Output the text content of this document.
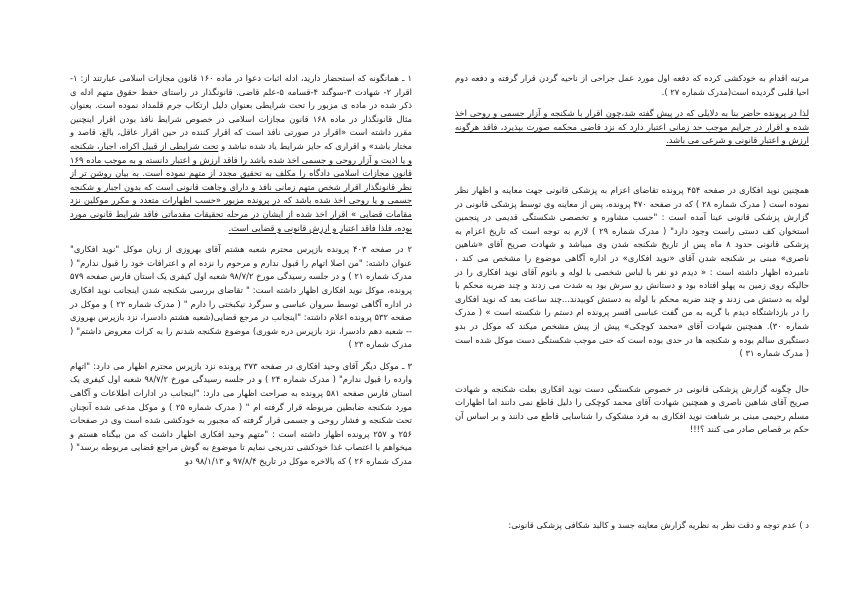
مرتبه اقدام به خودکشی کرده که دفعه اول مورد عمل جراحی از ناحیه گردن قرار گرفته و دفعه دوم احیا قلبی گردیده است(مدرک شماره ۲۷ ).

لذا در پرونده حاضر بنا به دلایلی که در پیش گفته شد،چون اقرار با شکنجه و آزار جسمی و روحی اخذ شده و اقرار در جرایم موجب حد زمانی اعتبار دارد که نزد قاضی محکمه صورت بپذیرد، فاقد هرگونه ارزش و اعتبار قانونی و شرعی می باشد.

همچنین نوید افکاری در صفحه ۴۵۴ پرونده تقاضای اعزام به پزشکی قانونی جهت معاینه و اظهار نظر نموده است ( مدرک شماره ۲۸ ) که در صفحه ۴۷۰ پرونده، پس از معاینه وی توسط پزشکی قانونی در گزارش پزشکی قانونی عینا آمده است : "حسب مشاوره و تخصصی شکستگی قدیمی در پنجمین استخوان کف دستی راست وجود دارد" ( مدرک شماره ۲۹ ) لازم به توجه است که تاریخ اعزام به پزشکی قانونی حدود ۸ ماه پس از تاریخ شکنجه شدن وی میباشد و شهادت صریح آقای «شاهین ناصری» مبنی بر شکنجه شدن آقای «نوید افکاری» در اداره آگاهی موضوع را مشخص می کند ، نامبرده اظهار داشته است : « دیدم دو نفر با لباس شخصی با لوله و باتوم آقای نوید افکاری را در حالیکه روی زمین به پهلو افتاده بود و دستانش رو سرش بود به شدت می زدند و چند ضربه محکم با لوله به دستش می زدند و چند ضربه محکم با لوله به دستش کوبیدند...چند ساعت بعد که نوید افکاری را در بازداشتگاه دیدم با گریه به من گفت عباسی افسر پرونده ام دستم را شکسته است » ( مدرک شماره ۳۰). همچنین شهادت آقای «محمد کوچکی» پیش از پیش مشخص میکند که موکل در بدو دستگیری سالم بوده و شکنجه ها در حدی بوده است که حتی موجب شکستگی دست موکل شده است ( مدرک شماره ۳۱ )

حال چگونه گزارش پزشکی قانونی در خصوص شکستگی دست نوید افکاری بعلت شکنجه و شهادت صریح آقای شاهین ناصری و همچنین شهادت آقای محمد کوچکی را دلیل قاطع نمی دانند اما اظهارات مسلم رحیمی مبنی بر شباهت نوید افکاری به فرد مشکوک را شناسایی قاطع می دانند و بر اساس آن حکم بر قصاص صادر می کنند ؟!!!

د ) عدم توجه و دقت نظر به نظریه گزارش معاینه جسد و کالبد شکافی پزشکی قانونی:

۱ ـ همانگونه که استحضار دارید، ادله اثبات دعوا در ماده ۱۶۰ قانون مجازات اسلامی عبارتند از: ۱-اقرار ۲- شهادت ۳-سوگند ۴-قسامه ۵-علم قاضی. قانونگذار در راستای حفظ حقوق متهم ادله ی ذکر شده در ماده ی مزبور را تحت شرایطی بعنوان دلیل ارتکاب جرم قلمداد نموده است. بعنوان مثال قانونگذار در ماده ۱۶۸ قانون مجازات اسلامی در خصوص شرایط نافذ بودن اقرار اینچنین مقرر داشته است «اقرار در صورتی نافذ است که اقرار کننده در حین اقرار عاقل، بالغ، قاصد و مختار باشد» و اقراری که حایز شرایط یاد شده نباشد و تحت شرایطی از قبیل اکراه، اجبار، شکنجه و یا اذیت و آزار روحی و جسمی اخذ شده باشد را فاقد ارزش و اعتبار دانسته و به موجب ماده ۱۶۹ قانون مجازات اسلامی دادگاه را مکلف به تحقیق مجدد از متهم نموده است. به بیان روشن تر از نظر قانونگذار اقرار شخص متهم زمانی نافذ و دارای وجاهت قانونی است که بدون اجبار و شکنجه جسمی و یا روحی اخذ شده باشد که در پرونده مزبور «حسب اظهارات متعدد و مکرر موکلین نزد مقامات قضایی » اقرار اخذ شده از ایشان در مرحله تحقیقات مقدماتی فاقد شرایط قانونی مورد بوده، فلذا فاقد اعتبار و ارزش قانونی و قضایی است.

۲ در صفحه ۴۰۳ پرونده بازپرس محترم شعبه هشتم آقای بهروزی از زبان موکل "نوید افکاری" عنوان داشته: "من اصلا اتهام را قبول ندارم و مرحوم را نزده ام و اعترافات خود را قبول ندارم" ( مدرک شماره ۲۱ ) و در جلسه رسیدگی مورخ ۹۸/۷/۲ شعبه اول کیفری یک استان فارس صفحه ۵۷۹ پرونده، موکل نوید افکاری اظهار داشته است: " تقاضای بررسی شکنجه شدن اینجانب نوید افکاری در اداره آگاهی توسط سروان عباسی و سرگرد نیکبختی را دارم " ( مدرک شماره ۲۲ ) و موکل در صفحه ۵۳۲ پرونده اعلام داشته: "اینجانب در مرجع قضایی(شعبه هشتم دادسرا، نزد بازپرس بهروزی -- شعبه دهم دادسرا، نزد بازپرس دره شوری) موضوع شکنجه شدنم را به کرات معروض داشتم" ( مدرک شماره ۲۳ )

۳ ـ موکل دیگر آقای وحید افکاری در صفحه ۳۷۳ پرونده نزد بازپرس محترم اظهار می دارد: "اتهام وارده را قبول ندارم" ( مدرک شماره ۲۴ ) و در جلسه رسیدگی مورخ ۹۸/۷/۲ شعبه اول کیفری یک استان فارس صفحه ۵۸۱ پرونده به صراحت اظهار می دارد: "اینجانب در ادارات اطلاعات و آگاهی مورد شکنجه ضابطین مربوطه قرار گرفته ام " ( مدرک شماره ۲۵ ) و موکل مدعی شده آنچنان تحت شکنجه و فشار روحی و جسمی قرار گرفته که مجبور به خودکشی شده است وی در صفحات ۲۵۶ و ۲۵۷ پرونده اظهار داشته است : "متهم وحید افکاری اظهار داشت که من بیگناه هستم و میخواهم با اعتصاب غذا خودکشی تدریجی نمایم تا موضوع به گوش مراجع قضایی مربوطه برسد" ( مدرک شماره ۲۶ ) که بالاخره موکل در تاریخ ۹۷/۸/۴ و ۹۸/۱/۱۳ دو
